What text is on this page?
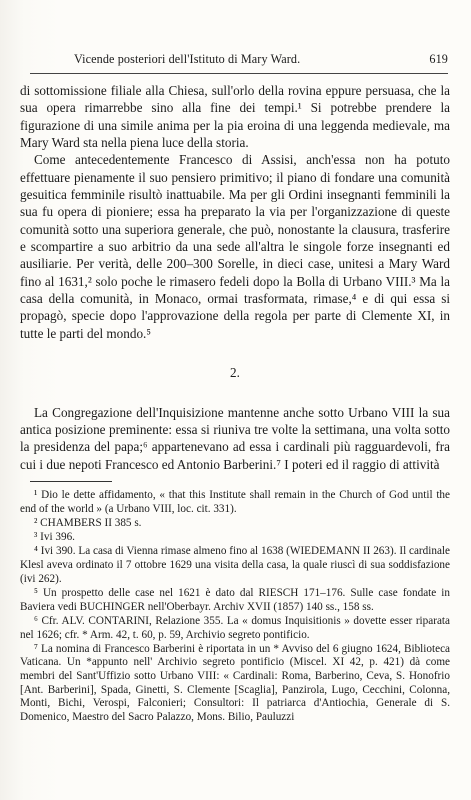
Vicende posteriori dell'Istituto di Mary Ward.	619

di sottomissione filiale alla Chiesa, sull'orlo della rovina eppure persuasa, che la sua opera rimarrebbe sino alla fine dei tempi.¹ Si potrebbe prendere la figurazione di una simile anima per la pia eroina di una leggenda medievale, ma Mary Ward sta nella piena luce della storia.

Come antecedentemente Francesco di Assisi, anch'essa non ha potuto effettuare pienamente il suo pensiero primitivo; il piano di fondare una comunità gesuitica femminile risultò inattuabile. Ma per gli Ordini insegnanti femminili la sua fu opera di pioniere; essa ha preparato la via per l'organizzazione di queste comunità sotto una superiora generale, che può, nonostante la clausura, trasferire e scompartire a suo arbitrio da una sede all'altra le singole forze insegnanti ed ausiliarie. Per verità, delle 200–300 Sorelle, in dieci case, unitesi a Mary Ward fino al 1631,² solo poche le rimasero fedeli dopo la Bolla di Urbano VIII.³ Ma la casa della comunità, in Monaco, ormai trasformata, rimase,⁴ e di qui essa si propagò, specie dopo l'approvazione della regola per parte di Clemente XI, in tutte le parti del mondo.⁵

2.

La Congregazione dell'Inquisizione mantenne anche sotto Urbano VIII la sua antica posizione preminente: essa si riuniva tre volte la settimana, una volta sotto la presidenza del papa;⁶ appartenevano ad essa i cardinali più ragguardevoli, fra cui i due nepoti Francesco ed Antonio Barberini.⁷ I poteri ed il raggio di attività

¹ Dio le dette affidamento, « that this Institute shall remain in the Church of God until the end of the world » (a Urbano VIII, loc. cit. 331).

² CHAMBERS II 385 s.

³ Ivi 396.

⁴ Ivi 390. La casa di Vienna rimase almeno fino al 1638 (WIEDEMANN II 263). Il cardinale Klesl aveva ordinato il 7 ottobre 1629 una visita della casa, la quale riuscì di sua soddisfazione (ivi 262).

⁵ Un prospetto delle case nel 1621 è dato dal RIESCH 171–176. Sulle case fondate in Baviera vedi BUCHINGER nell'Oberbayr. Archiv XVII (1857) 140 ss., 158 ss.

⁶ Cfr. ALV. CONTARINI, Relazione 355. La « domus Inquisitionis » dovette esser riparata nel 1626; cfr. * Arm. 42, t. 60, p. 59, Archivio segreto pontificio.

⁷ La nomina di Francesco Barberini è riportata in un * Avviso del 6 giugno 1624, Biblioteca Vaticana. Un *appunto nell' Archivio segreto pontificio (Miscel. XI 42, p. 421) dà come membri del Sant'Uffizio sotto Urbano VIII: « Cardinali: Roma, Barberino, Ceva, S. Honofrio [Ant. Barberini], Spada, Ginetti, S. Clemente [Scaglia], Panzirola, Lugo, Cecchini, Colonna, Monti, Bichi, Verospi, Falconieri; Consultori: Il patriarca d'Antiochia, Generale di S. Domenico, Maestro del Sacro Palazzo, Mons. Bilio, Pauluzzi
